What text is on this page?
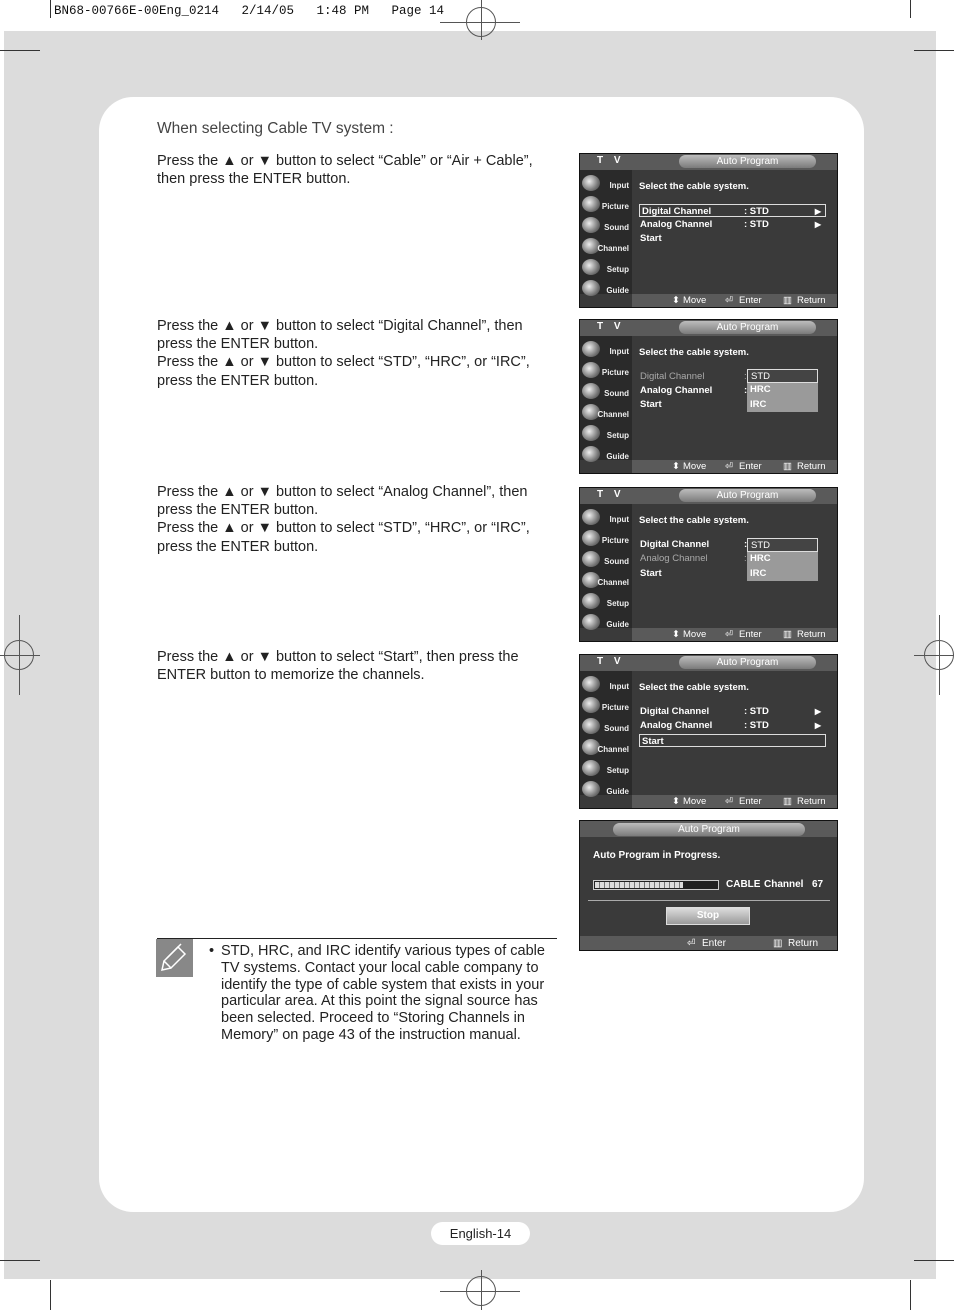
BN68-00766E-00Eng_0214   2/14/05   1:48 PM   Page 14
When selecting Cable TV system :
Press the ▲ or ▼ button to select “Cable” or “Air + Cable”, then press the ENTER button.
Press the ▲ or ▼ button to select “Digital Channel”, then press the ENTER button.
Press the ▲ or ▼ button to select “STD”, “HRC”, or “IRC”, press the ENTER button.
Press the ▲ or ▼ button to select “Analog Channel”, then press the ENTER button.
Press the ▲ or ▼ button to select “STD”, “HRC”, or “IRC”, press the ENTER button.
Press the ▲ or ▼ button to select “Start”, then press the ENTER button to memorize the channels.
T V	Auto Program
Input
Picture
Sound
Channel
Setup
Guide
Select the cable system.
Digital Channel	: STD	▶
Analog Channel	: STD	▶
Start
⬍ Move ⏎ Enter ▥ Return
T V	Auto Program
Input
Picture
Sound
Channel
Setup
Guide
Select the cable system.
Digital Channel	:
Analog Channel	:
Start
STD
HRC
IRC
⬍ Move ⏎ Enter ▥ Return
T V	Auto Program
Input
Picture
Sound
Channel
Setup
Guide
Select the cable system.
Digital Channel	:
Analog Channel	:
Start
STD
HRC
IRC
⬍ Move ⏎ Enter ▥ Return
T V	Auto Program
Input
Picture
Sound
Channel
Setup
Guide
Select the cable system.
Digital Channel	: STD	▶
Analog Channel	: STD	▶
Start
⬍ Move ⏎ Enter ▥ Return
Auto Program
Auto Program in Progress.
CABLE Channel 67
Stop
⏎ Enter	▥ Return
• STD, HRC, and IRC identify various types of cable TV systems. Contact your local cable company to identify the type of cable system that exists in your particular area. At this point the signal source has been selected. Proceed to “Storing Channels in Memory” on page 43 of the instruction manual.
English-14
